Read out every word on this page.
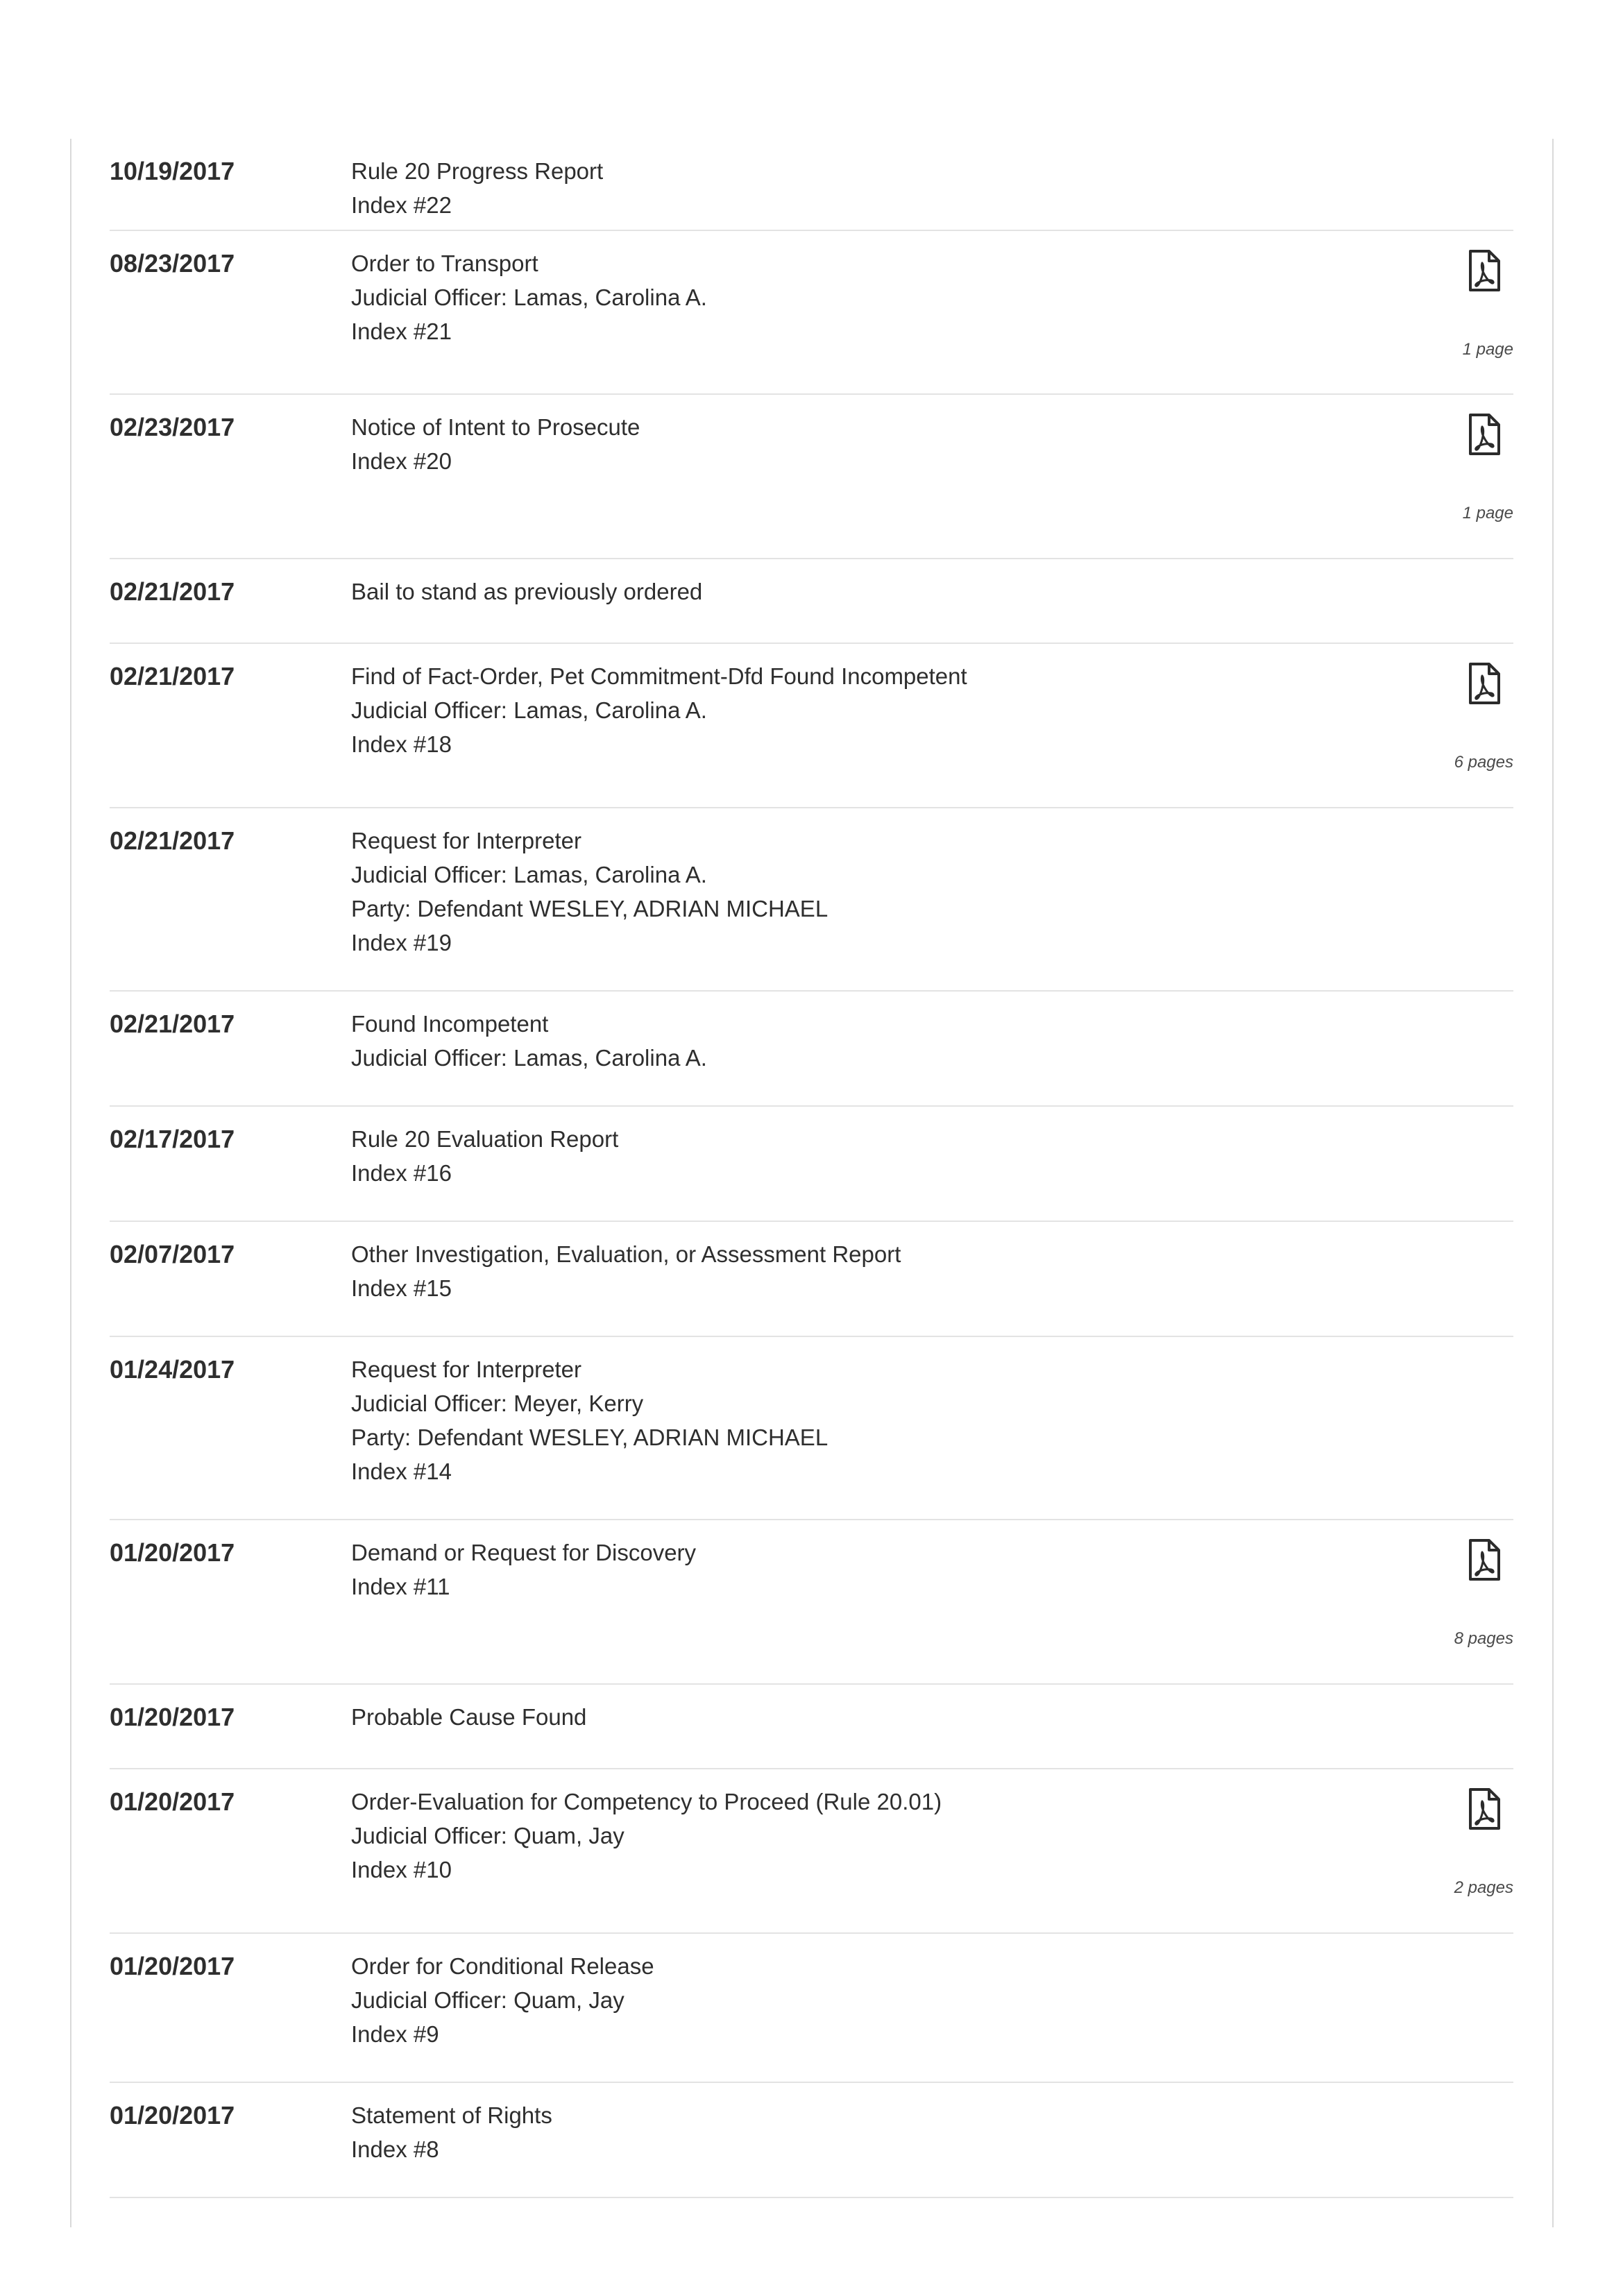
10/19/2017	Rule 20 Progress Report
Index #22
08/23/2017	Order to Transport
Judicial Officer: Lamas, Carolina A.
Index #21
1 page
02/23/2017	Notice of Intent to Prosecute
Index #20
1 page
02/21/2017	Bail to stand as previously ordered
02/21/2017	Find of Fact-Order, Pet Commitment-Dfd Found Incompetent
Judicial Officer: Lamas, Carolina A.
Index #18
6 pages
02/21/2017	Request for Interpreter
Judicial Officer: Lamas, Carolina A.
Party: Defendant WESLEY, ADRIAN MICHAEL
Index #19
02/21/2017	Found Incompetent
Judicial Officer: Lamas, Carolina A.
02/17/2017	Rule 20 Evaluation Report
Index #16
02/07/2017	Other Investigation, Evaluation, or Assessment Report
Index #15
01/24/2017	Request for Interpreter
Judicial Officer: Meyer, Kerry
Party: Defendant WESLEY, ADRIAN MICHAEL
Index #14
01/20/2017	Demand or Request for Discovery
Index #11
8 pages
01/20/2017	Probable Cause Found
01/20/2017	Order-Evaluation for Competency to Proceed (Rule 20.01)
Judicial Officer: Quam, Jay
Index #10
2 pages
01/20/2017	Order for Conditional Release
Judicial Officer: Quam, Jay
Index #9
01/20/2017	Statement of Rights
Index #8
